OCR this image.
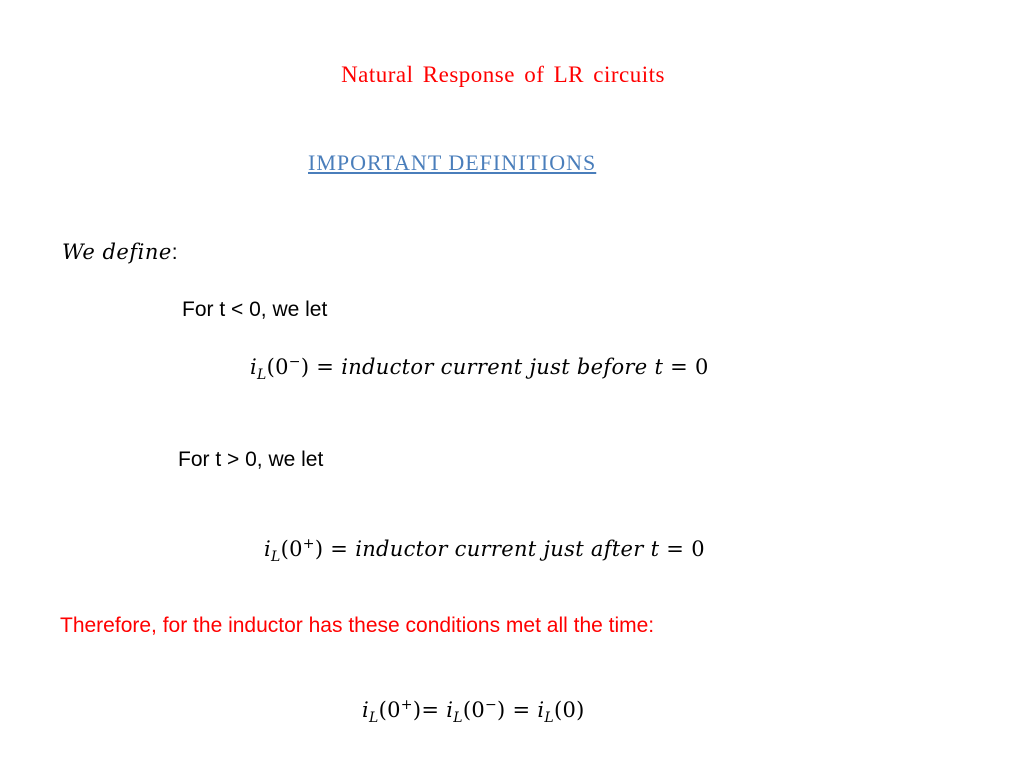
Natural Response of LR circuits
IMPORTANT DEFINITIONS
We define:
For t < 0, we let
$i_L(0^-)$ = inductor current just before t = 0
For t > 0, we let
$i_L(0^+)$ = inductor current just after t = 0
Therefore, for the inductor has these conditions met all the time:
$i_L(0^+)= i_L(0^-) = i_L(0)$
